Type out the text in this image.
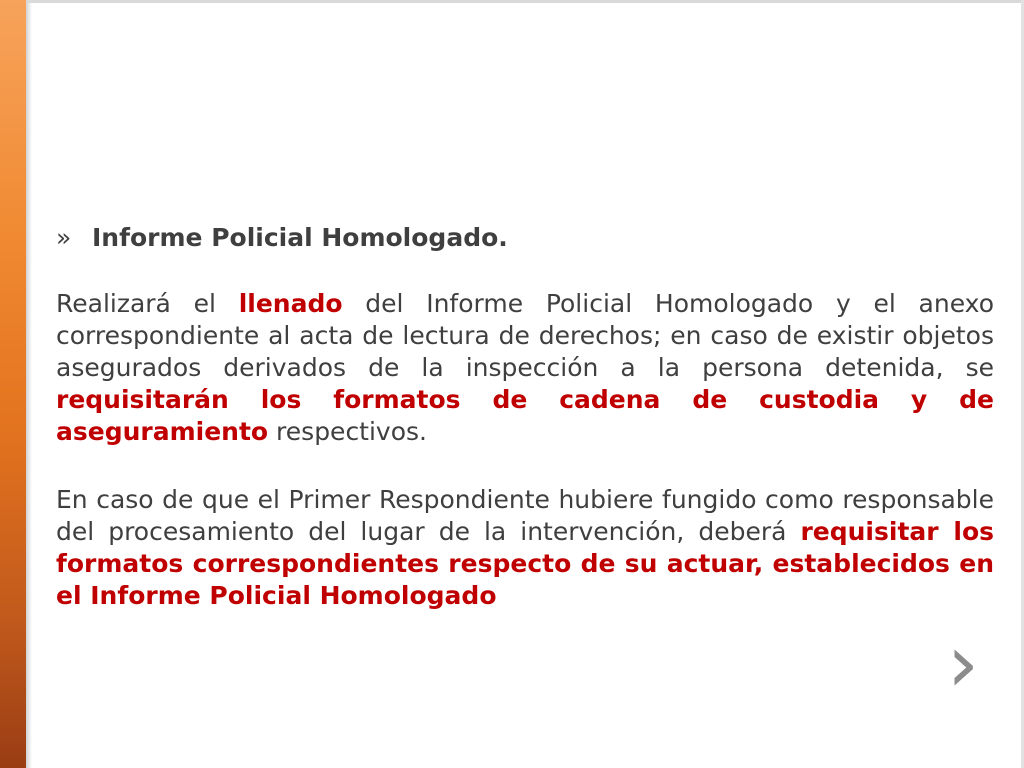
» Informe Policial Homologado.

Realizará el llenado del Informe Policial Homologado y el anexo correspondiente al acta de lectura de derechos; en caso de existir objetos asegurados derivados de la inspección a la persona detenida, se requisitarán los formatos de cadena de custodia y de aseguramiento respectivos.

En caso de que el Primer Respondiente hubiere fungido como responsable del procesamiento del lugar de la intervención, deberá requisitar los formatos correspondientes respecto de su actuar, establecidos en el Informe Policial Homologado

›
